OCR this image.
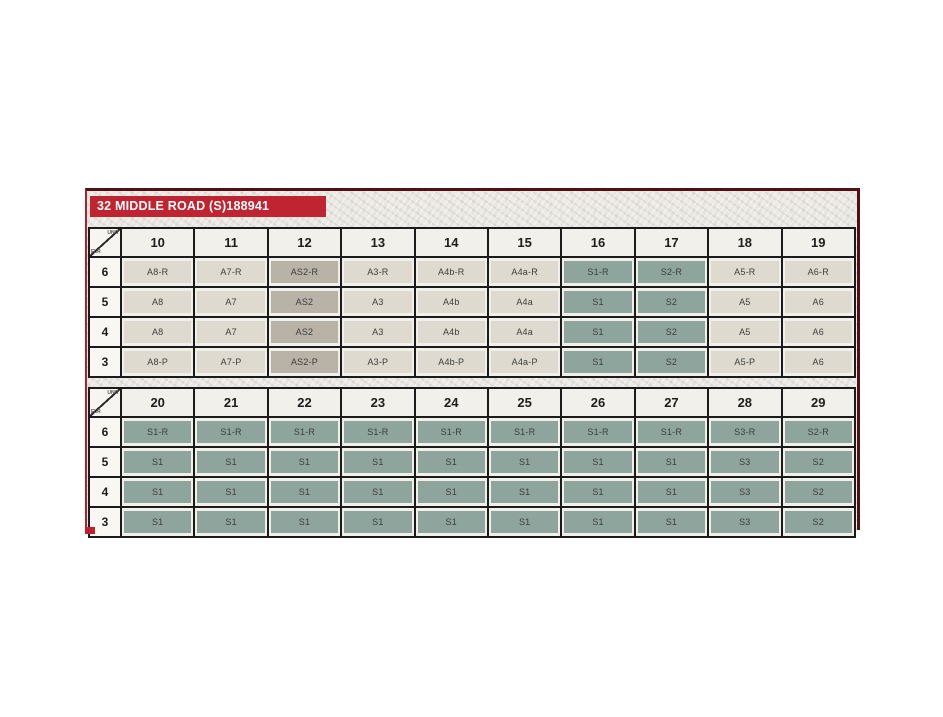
32 MIDDLE ROAD (S)188941
UNIT
FLR	10	11	12	13	14	15	16	17	18	19
6	A8-R	A7-R	AS2-R	A3-R	A4b-R	A4a-R	S1-R	S2-R	A5-R	A6-R

5	A8	A7	AS2	A3	A4b	A4a	S1	S2	A5	A6

4	A8	A7	AS2	A3	A4b	A4a	S1	S2	A5	A6

3	A8-P	A7-P	AS2-P	A3-P	A4b-P	A4a-P	S1	S2	A5-P	A6
UNIT
FLR	20	21	22	23	24	25	26	27	28	29
6	S1-R	S1-R	S1-R	S1-R	S1-R	S1-R	S1-R	S1-R	S3-R	S2-R

5	S1	S1	S1	S1	S1	S1	S1	S1	S3	S2

4	S1	S1	S1	S1	S1	S1	S1	S1	S3	S2

3	S1	S1	S1	S1	S1	S1	S1	S1	S3	S2
